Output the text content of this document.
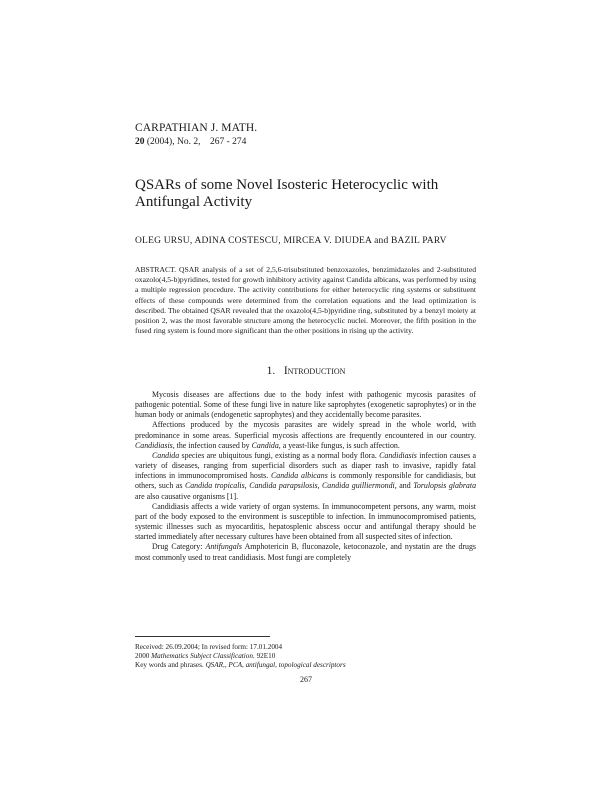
CARPATHIAN J. MATH.
20 (2004), No. 2, 267 - 274
QSARs of some Novel Isosteric Heterocyclic with Antifungal Activity
OLEG URSU, ADINA COSTESCU, MIRCEA V. DIUDEA and BAZIL PARV
ABSTRACT. QSAR analysis of a set of 2,5,6-trisubstituted benzoxazoles, benzimidazoles and 2-substituted oxazolo(4,5-b)pyridines, tested for growth inhibitory activity against Candida albicans, was performed by using a multiple regression procedure. The activity contributions for either heterocyclic ring systems or substituent effects of these compounds were determined from the correlation equations and the lead optimization is described. The obtained QSAR revealed that the oxazolo(4,5-b)pyridine ring, substituted by a benzyl moiety at position 2, was the most favorable structure among the heterocyclic nuclei. Moreover, the fifth position in the fused ring system is found more significant than the other positions in rising up the activity.
1. Introduction

Mycosis diseases are affections due to the body infest with pathogenic mycosis parasites of pathogenic potential. Some of these fungi live in nature like saprophytes (exogenetic saprophytes) or in the human body or animals (endogenetic saprophytes) and they accidentally become parasites.

Affections produced by the mycosis parasites are widely spread in the whole world, with predominance in some areas. Superficial mycosis affections are frequently encountered in our country. Candidiasis, the infection caused by Candida, a yeast-like fungus, is such affection.

Candida species are ubiquitous fungi, existing as a normal body flora. Candidiasis infection causes a variety of diseases, ranging from superficial disorders such as diaper rash to invasive, rapidly fatal infections in immunocompromised hosts. Candida albicans is commonly responsible for candidiasis, but others, such as Candida tropicalis, Candida parapsilosis, Candida guilliermondi, and Torulopsis glabrata are also causative organisms [1].

Candidiasis affects a wide variety of organ systems. In immunocompetent persons, any warm, moist part of the body exposed to the environment is susceptible to infection. In immunocompromised patients, systemic illnesses such as myocarditis, hepatosplenic abscess occur and antifungal therapy should be started immediately after necessary cultures have been obtained from all suspected sites of infection.

Drug Category: Antifungals Amphotericin B, fluconazole, ketoconazole, and nystatin are the drugs most commonly used to treat candidiasis. Most fungi are completely

Received: 26.09.2004; In revised form: 17.01.2004
2000 Mathematics Subject Classification. 92E10
Key words and phrases. QSAR,, PCA, antifungal, topological descriptors
267
